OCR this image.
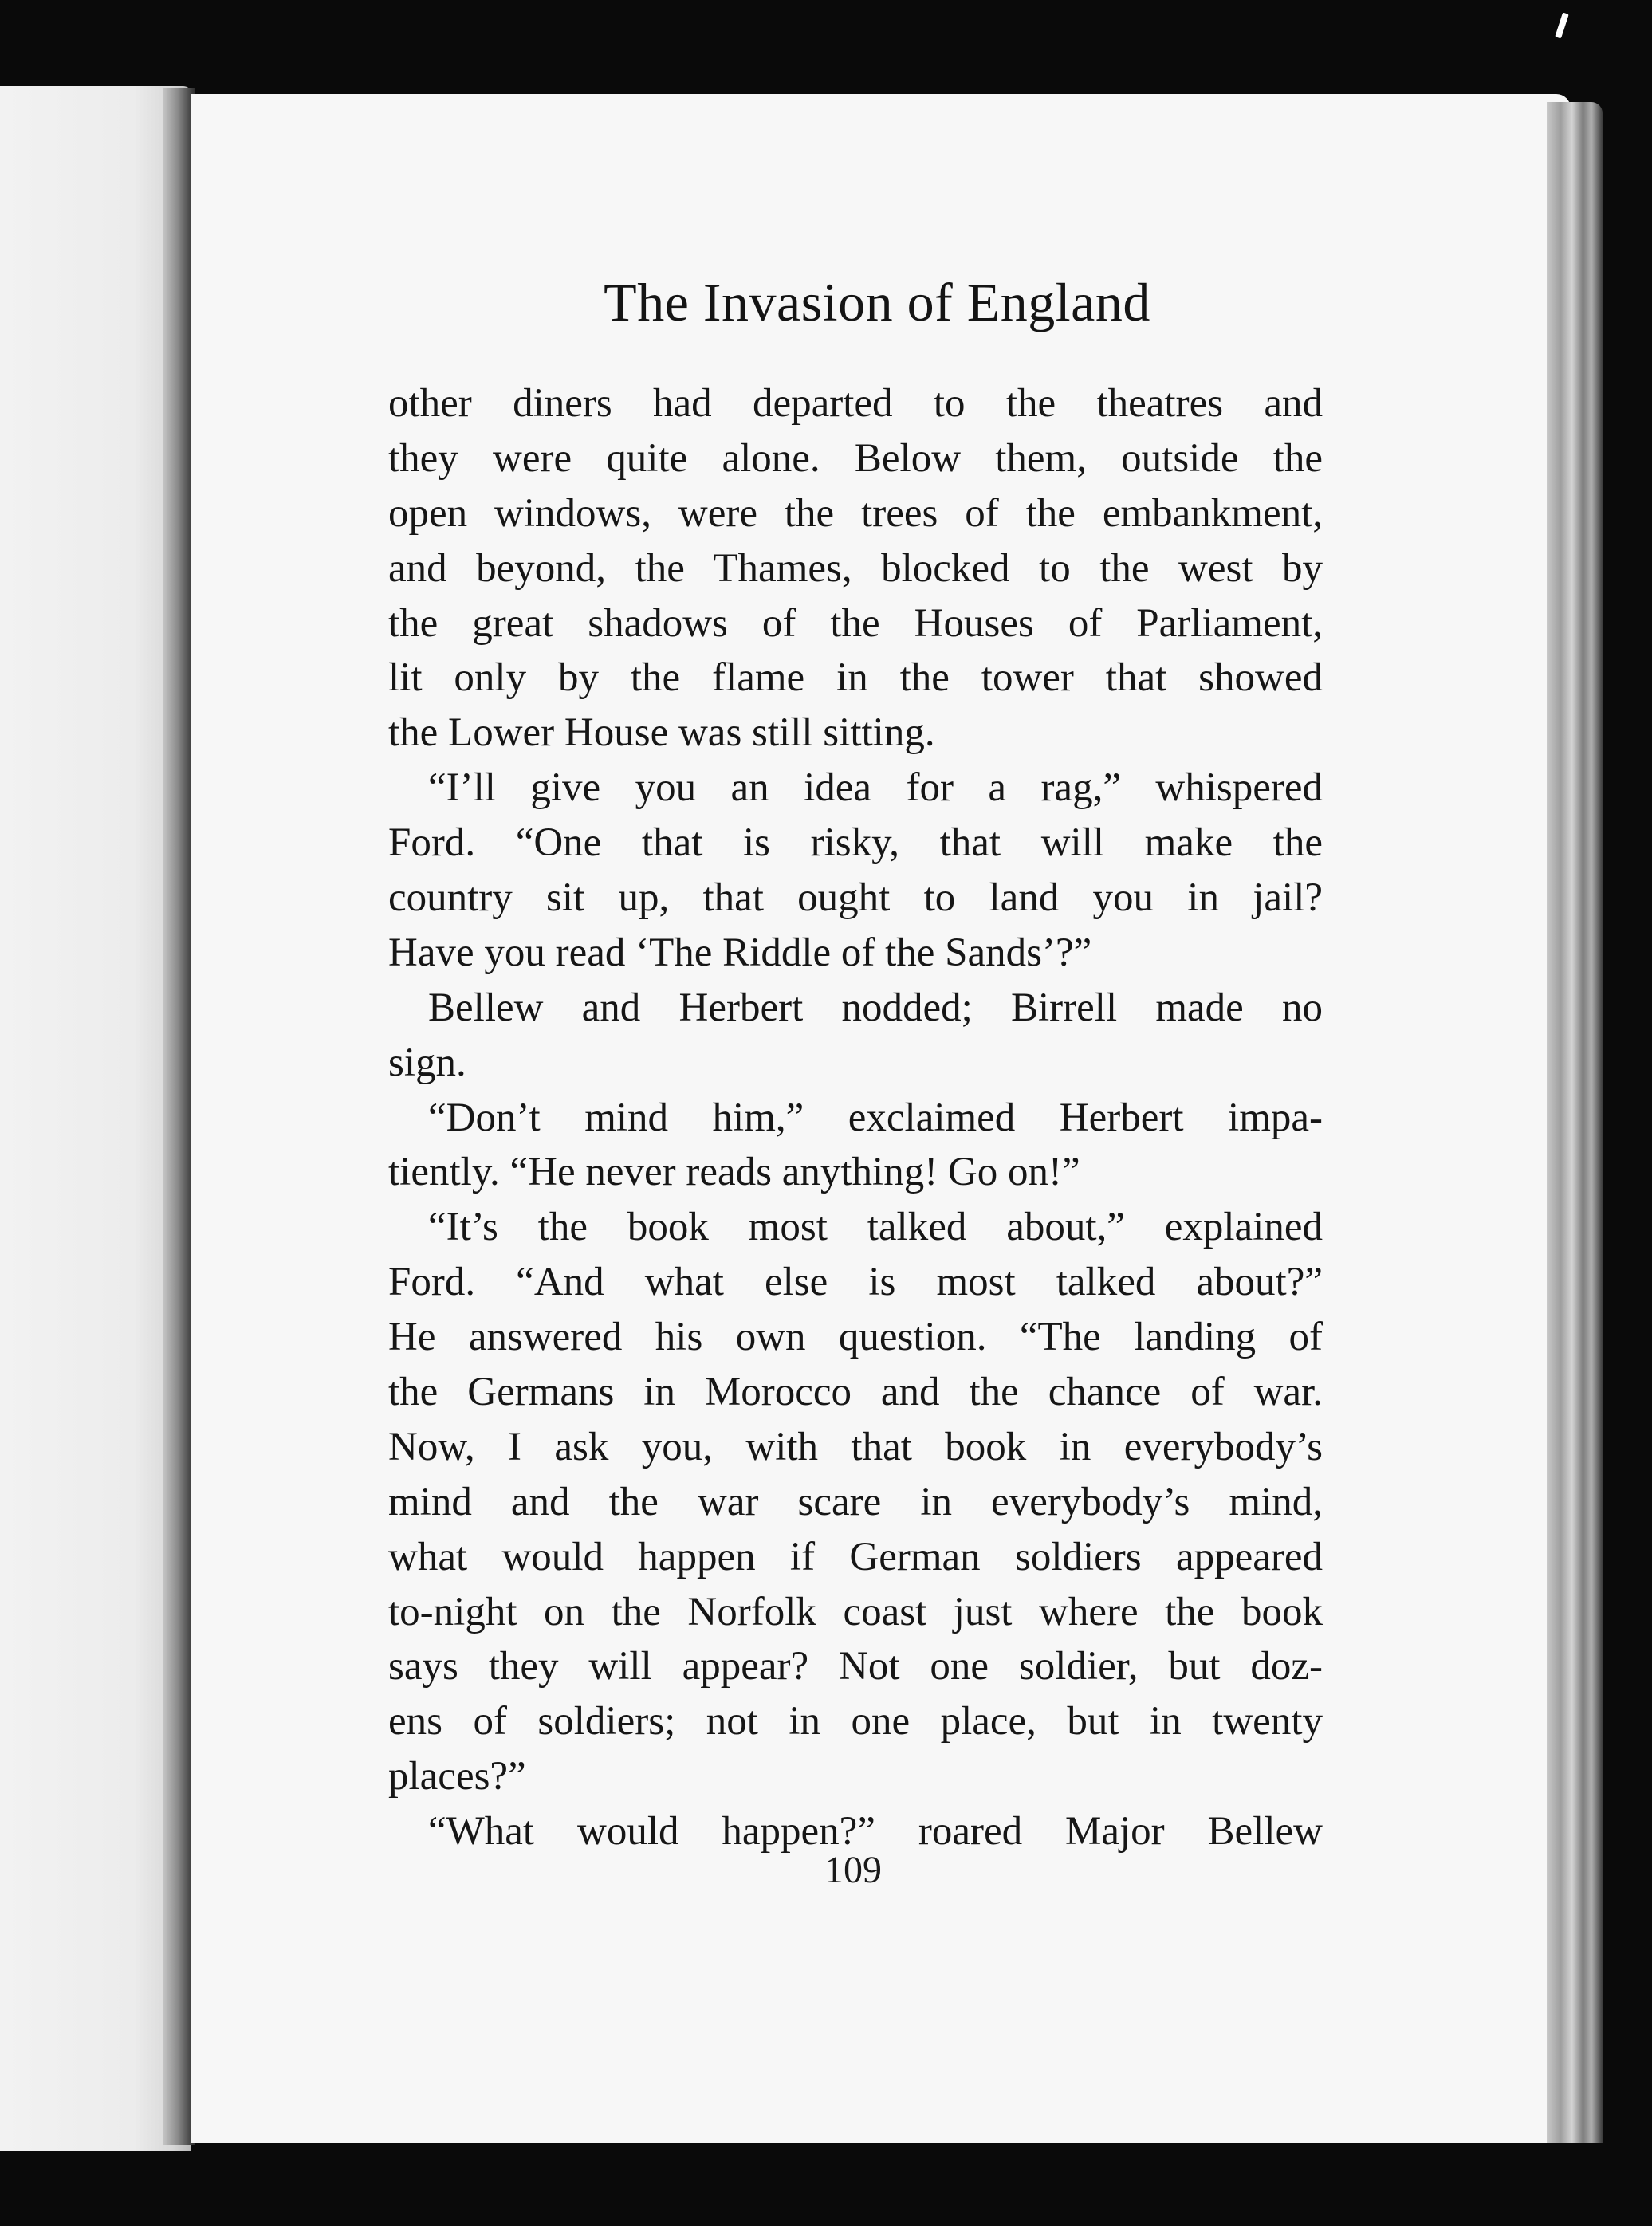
The Invasion of England
other diners had departed to the theatres and
they were quite alone. Below them, outside the
open windows, were the trees of the embankment,
and beyond, the Thames, blocked to the west by
the great shadows of the Houses of Parliament,
lit only by the flame in the tower that showed
the Lower House was still sitting.
“I’ll give you an idea for a rag,” whispered
Ford. “One that is risky, that will make the
country sit up, that ought to land you in jail?
Have you read ‘The Riddle of the Sands’?”
Bellew and Herbert nodded; Birrell made no
sign.
“Don’t mind him,” exclaimed Herbert impa-
tiently. “He never reads anything! Go on!”
“It’s the book most talked about,” explained
Ford. “And what else is most talked about?”
He answered his own question. “The landing of
the Germans in Morocco and the chance of war.
Now, I ask you, with that book in everybody’s
mind and the war scare in everybody’s mind,
what would happen if German soldiers appeared
to-night on the Norfolk coast just where the book
says they will appear? Not one soldier, but doz-
ens of soldiers; not in one place, but in twenty
places?”
“What would happen?” roared Major Bellew
109
